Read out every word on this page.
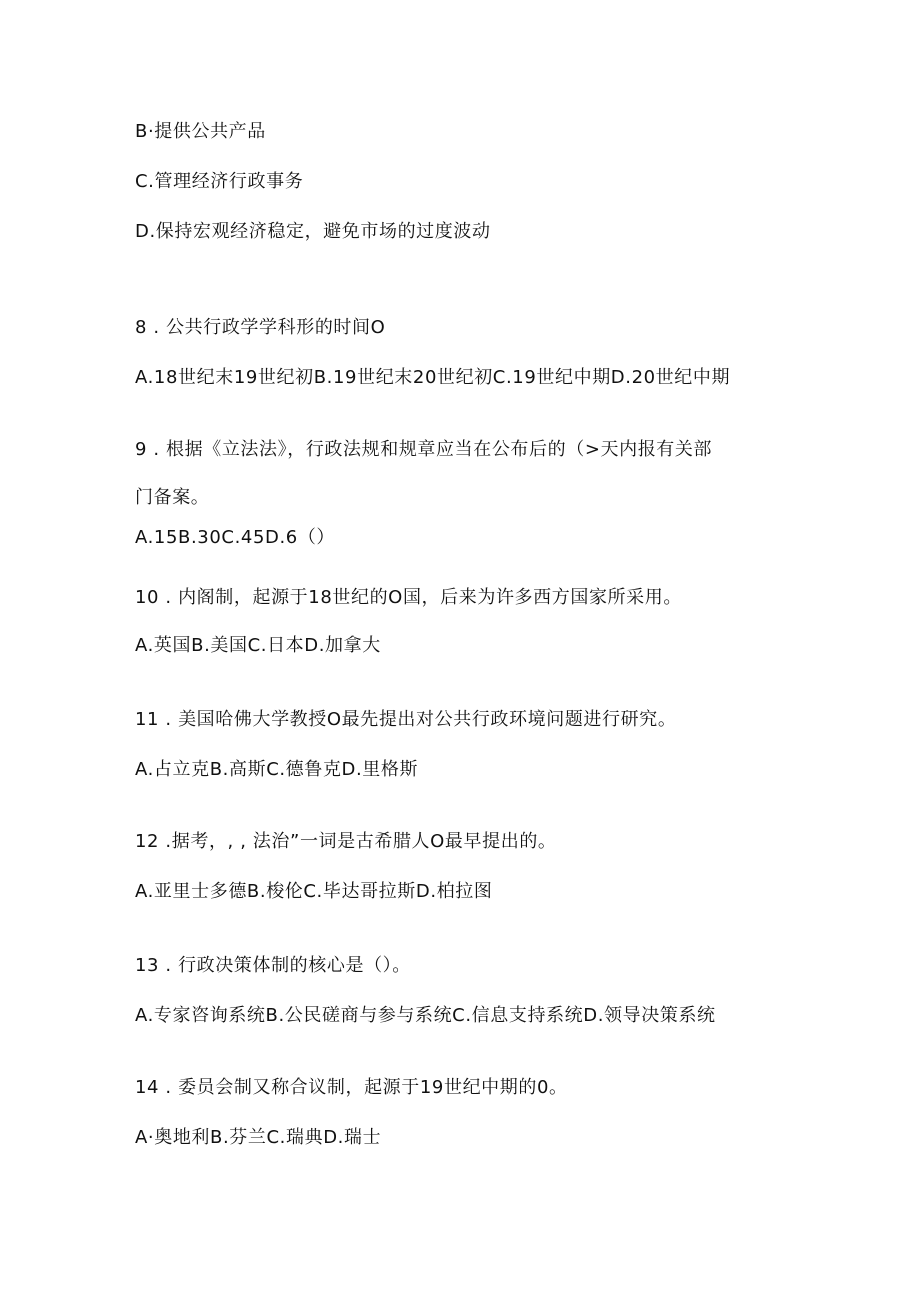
B·提供公共产品

C.管理经济行政事务

D.保持宏观经济稳定，避免市场的过度波动

8 . 公共行政学学科形的时间O

A.18世纪末19世纪初B.19世纪末20世纪初C.19世纪中期D.20世纪中期

9 . 根据《立法法》，行政法规和规章应当在公布后的（>天内报有关部

门备案。

A.15B.30C.45D.6（）

10 . 内阁制，起源于18世纪的O国，后来为许多西方国家所采用。

A.英国B.美国C.日本D.加拿大

11 . 美国哈佛大学教授O最先提出对公共行政环境问题进行研究。

A.占立克B.高斯C.德鲁克D.里格斯

12 .据考，, , 法治”一词是古希腊人O最早提出的。

A.亚里士多德B.梭伦C.毕达哥拉斯D.柏拉图

13 . 行政决策体制的核心是（）。

A.专家咨询系统B.公民磋商与参与系统C.信息支持系统D.领导决策系统

14 . 委员会制又称合议制，起源于19世纪中期的0。

A·奥地利B.芬兰C.瑞典D.瑞士
